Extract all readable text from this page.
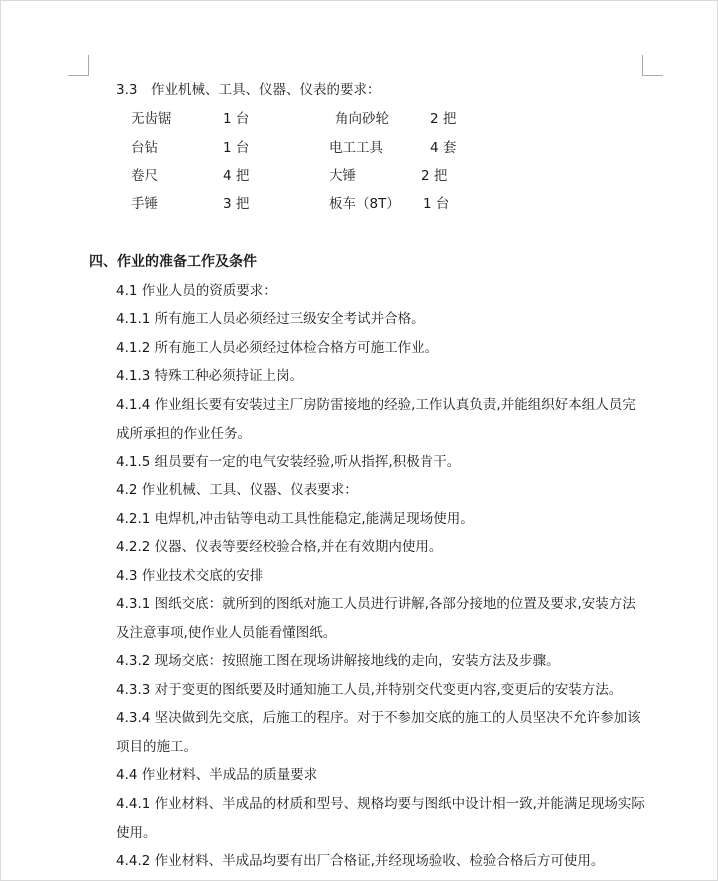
3.3　作业机械、工具、仪器、仪表的要求：
无齿锯	1 台	角向砂轮	2 把
台钻	1 台	电工工具	4 套
卷尺	4 把	大锤	2 把
手锤	3 把	板车（8T） 1 台
四、作业的准备工作及条件
4.1 作业人员的资质要求：
4.1.1 所有施工人员必须经过三级安全考试并合格。
4.1.2 所有施工人员必须经过体检合格方可施工作业。
4.1.3 特殊工种必须持证上岗。
4.1.4 作业组长要有安装过主厂房防雷接地的经验,工作认真负责,并能组织好本组人员完成所承担的作业任务。
4.1.5 组员要有一定的电气安装经验,听从指挥,积极肯干。
4.2 作业机械、工具、仪器、仪表要求：
4.2.1 电焊机,冲击钻等电动工具性能稳定,能满足现场使用。
4.2.2 仪器、仪表等要经校验合格,并在有效期内使用。
4.3 作业技术交底的安排
4.3.1 图纸交底：就所到的图纸对施工人员进行讲解,各部分接地的位置及要求,安装方法及注意事项,使作业人员能看懂图纸。
4.3.2 现场交底：按照施工图在现场讲解接地线的走向，安装方法及步骤。
4.3.3 对于变更的图纸要及时通知施工人员,并特别交代变更内容,变更后的安装方法。
4.3.4 坚决做到先交底，后施工的程序。对于不参加交底的施工的人员坚决不允许参加该项目的施工。
4.4 作业材料、半成品的质量要求
4.4.1 作业材料、半成品的材质和型号、规格均要与图纸中设计相一致,并能满足现场实际使用。
4.4.2 作业材料、半成品均要有出厂合格证,并经现场验收、检验合格后方可使用。
